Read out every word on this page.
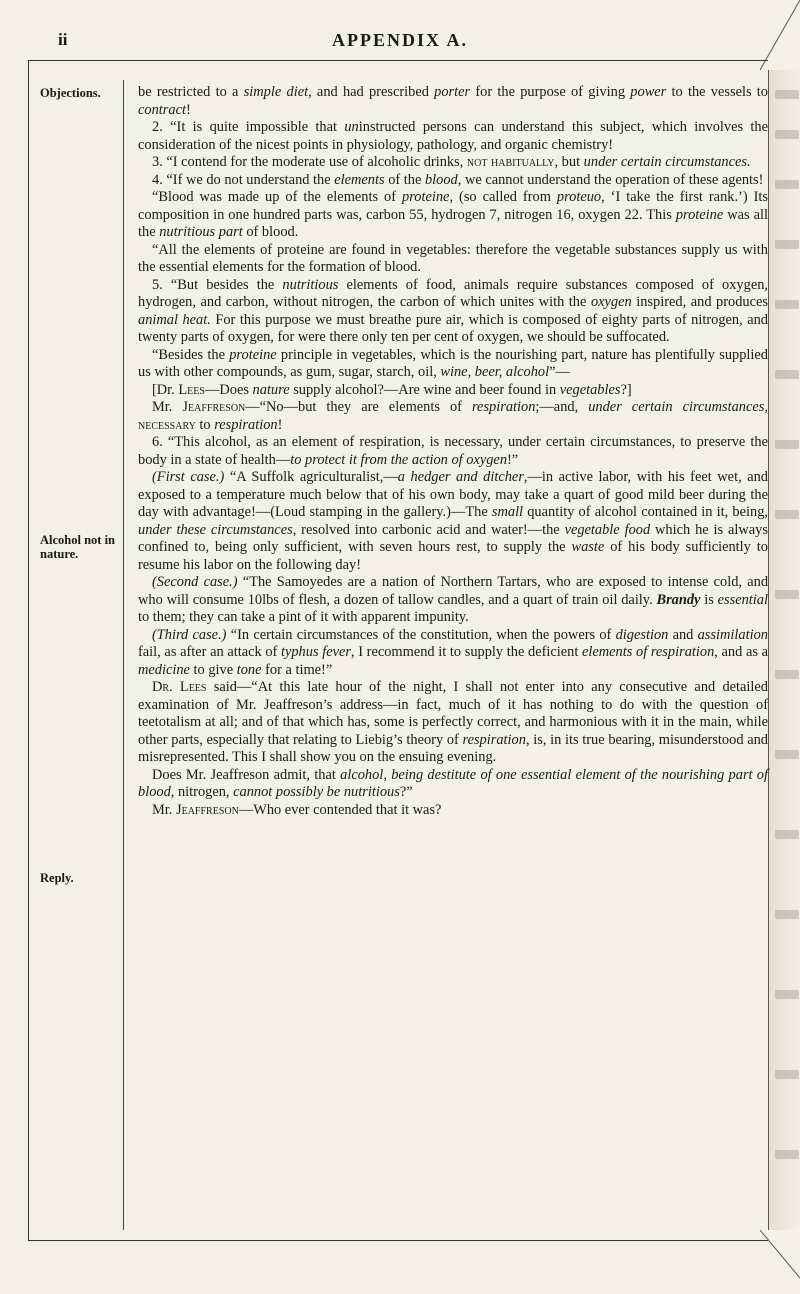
ii	APPENDIX A.
Objections.
Alcohol not in nature.
Reply.

be restricted to a simple diet, and had prescribed porter for the purpose of giving power to the vessels to contract!

2. “It is quite impossible that uninstructed persons can understand this subject, which involves the consideration of the nicest points in physiology, pathology, and organic chemistry!

3. “I contend for the moderate use of alcoholic drinks, not habitually, but under certain circumstances.

4. “If we do not understand the elements of the blood, we cannot understand the operation of these agents!

“Blood was made up of the elements of proteine, (so called from proteuo, ‘I take the first rank.’) Its composition in one hundred parts was, carbon 55, hydrogen 7, nitrogen 16, oxygen 22. This proteine was all the nutritious part of blood.

“All the elements of proteine are found in vegetables: therefore the vegetable substances supply us with the essential elements for the formation of blood.

5. “But besides the nutritious elements of food, animals require substances composed of oxygen, hydrogen, and carbon, without nitrogen, the carbon of which unites with the oxygen inspired, and produces animal heat. For this purpose we must breathe pure air, which is composed of eighty parts of nitrogen, and twenty parts of oxygen, for were there only ten per cent of oxygen, we should be suffocated.

“Besides the proteine principle in vegetables, which is the nourishing part, nature has plentifully supplied us with other compounds, as gum, sugar, starch, oil, wine, beer, alcohol”—

[Dr. Lees—Does nature supply alcohol?—Are wine and beer found in vegetables?]

Mr. Jeaffreson—“No—but they are elements of respiration;—and, under certain circumstances, necessary to respiration!

6. “This alcohol, as an element of respiration, is necessary, under certain circumstances, to preserve the body in a state of health—to protect it from the action of oxygen!”

(First case.) “A Suffolk agriculturalist,—a hedger and ditcher,—in active labor, with his feet wet, and exposed to a temperature much below that of his own body, may take a quart of good mild beer during the day with advantage!—(Loud stamping in the gallery.)—The small quantity of alcohol contained in it, being, under these circumstances, resolved into carbonic acid and water!—the vegetable food which he is always confined to, being only sufficient, with seven hours rest, to supply the waste of his body sufficiently to resume his labor on the following day!

(Second case.) “The Samoyedes are a nation of Northern Tartars, who are exposed to intense cold, and who will consume 10lbs of flesh, a dozen of tallow candles, and a quart of train oil daily. Brandy is essential to them; they can take a pint of it with apparent impunity.

(Third case.) “In certain circumstances of the constitution, when the powers of digestion and assimilation fail, as after an attack of typhus fever, I recommend it to supply the deficient elements of respiration, and as a medicine to give tone for a time!”

Dr. Lees said—“At this late hour of the night, I shall not enter into any consecutive and detailed examination of Mr. Jeaffreson’s address—in fact, much of it has nothing to do with the question of teetotalism at all; and of that which has, some is perfectly correct, and harmonious with it in the main, while other parts, especially that relating to Liebig’s theory of respiration, is, in its true bearing, misunderstood and misrepresented. This I shall show you on the ensuing evening.

Does Mr. Jeaffreson admit, that alcohol, being destitute of one essential element of the nourishing part of blood, nitrogen, cannot possibly be nutritious?”

Mr. Jeaffreson—Who ever contended that it was?
